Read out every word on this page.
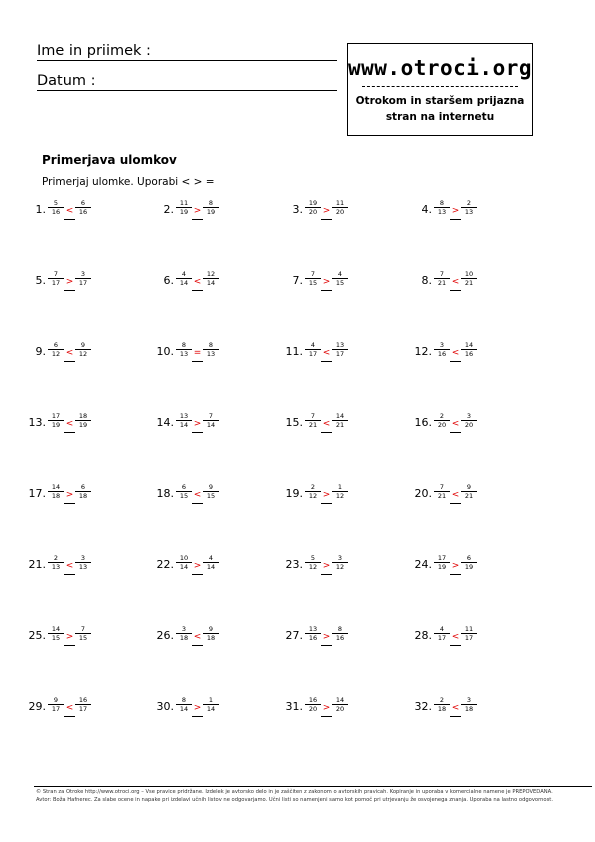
Ime in priimek :
Datum :
www.otroci.org
Otrokom in staršem prijazna
stran na internetu
Primerjava ulomkov
Primerjaj ulomke. Uporabi < > =
1. $\frac{5}{16} < \frac{6}{16}$	2. $\frac{11}{19} > \frac{8}{19}$	3. $\frac{19}{20} > \frac{11}{20}$	4. $\frac{8}{13} > \frac{2}{13}$
5. $\frac{7}{17} > \frac{3}{17}$	6. $\frac{4}{14} < \frac{12}{14}$	7. $\frac{7}{15} > \frac{4}{15}$	8. $\frac{7}{21} < \frac{10}{21}$
9. $\frac{6}{12} < \frac{9}{12}$	10. $\frac{8}{13} = \frac{8}{13}$	11. $\frac{4}{17} < \frac{13}{17}$	12. $\frac{3}{16} < \frac{14}{16}$
13. $\frac{17}{19} < \frac{18}{19}$	14. $\frac{13}{14} > \frac{7}{14}$	15. $\frac{7}{21} < \frac{14}{21}$	16. $\frac{2}{20} < \frac{3}{20}$
17. $\frac{14}{18} > \frac{6}{18}$	18. $\frac{6}{15} < \frac{9}{15}$	19. $\frac{2}{12} > \frac{1}{12}$	20. $\frac{7}{21} < \frac{9}{21}$
21. $\frac{2}{13} < \frac{3}{13}$	22. $\frac{10}{14} > \frac{4}{14}$	23. $\frac{5}{12} > \frac{3}{12}$	24. $\frac{17}{19} > \frac{6}{19}$
25. $\frac{14}{15} > \frac{7}{15}$	26. $\frac{3}{18} < \frac{9}{18}$	27. $\frac{13}{16} > \frac{8}{16}$	28. $\frac{4}{17} < \frac{11}{17}$
29. $\frac{9}{17} < \frac{16}{17}$	30. $\frac{8}{14} > \frac{1}{14}$	31. $\frac{16}{20} > \frac{14}{20}$	32. $\frac{2}{18} < \frac{3}{18}$
© Stran za Otroke http://www.otroci.org – Vse pravice pridržane. Izdelek je avtorsko delo in je zaščiten z zakonom o avtorskih pravicah. Kopiranje in uporaba v komercialne namene je PREPOVEDANA.
Avtor: Boža Hafnerec. Za slabe ocene in napake pri izdelavi učnih listov ne odgovarjamo. Učni listi so namenjeni samo kot pomoč pri utrjevanju že osvojenega znanja. Uporaba na lastno odgovornost.
